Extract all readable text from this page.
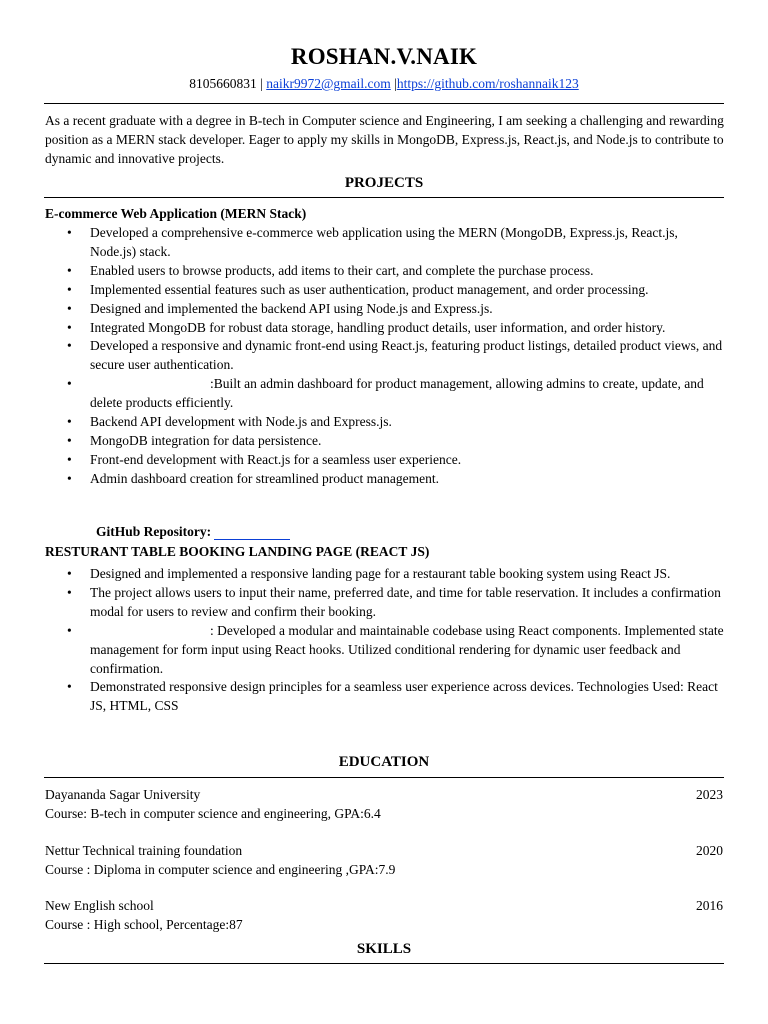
ROSHAN.V.NAIK
8105660831 | naikr9972@gmail.com |https://github.com/roshannaik123
As a recent graduate with a degree in B-tech in Computer science and Engineering, I am seeking a challenging and rewarding position as a MERN stack developer. Eager to apply my skills in MongoDB, Express.js, React.js, and Node.js to contribute to dynamic and innovative projects.
PROJECTS
E-commerce Web Application (MERN Stack)
• Developed a comprehensive e-commerce web application using the MERN (MongoDB, Express.js, React.js, Node.js) stack.
• Enabled users to browse products, add items to their cart, and complete the purchase process.
• Implemented essential features such as user authentication, product management, and order processing.
• Designed and implemented the backend API using Node.js and Express.js.
• Integrated MongoDB for robust data storage, handling product details, user information, and order history.
• Developed a responsive and dynamic front-end using React.js, featuring product listings, detailed product views, and secure user authentication.
• :Built an admin dashboard for product management, allowing admins to create, update, and delete products efficiently.
• Backend API development with Node.js and Express.js.
• MongoDB integration for data persistence.
• Front-end development with React.js for a seamless user experience.
• Admin dashboard creation for streamlined product management.
GitHub Repository:
RESTURANT TABLE BOOKING LANDING PAGE (REACT JS)
• Designed and implemented a responsive landing page for a restaurant table booking system using React JS.
• The project allows users to input their name, preferred date, and time for table reservation. It includes a confirmation modal for users to review and confirm their booking.
• : Developed a modular and maintainable codebase using React components. Implemented state management for form input using React hooks. Utilized conditional rendering for dynamic user feedback and confirmation.
• Demonstrated responsive design principles for a seamless user experience across devices. Technologies Used: React JS, HTML, CSS
EDUCATION
Dayananda Sagar University
Course: B-tech in computer science and engineering, GPA:6.4
2023
Nettur Technical training foundation
Course : Diploma in computer science and engineering ,GPA:7.9
2020
New English school
Course : High school, Percentage:87
2016
SKILLS
